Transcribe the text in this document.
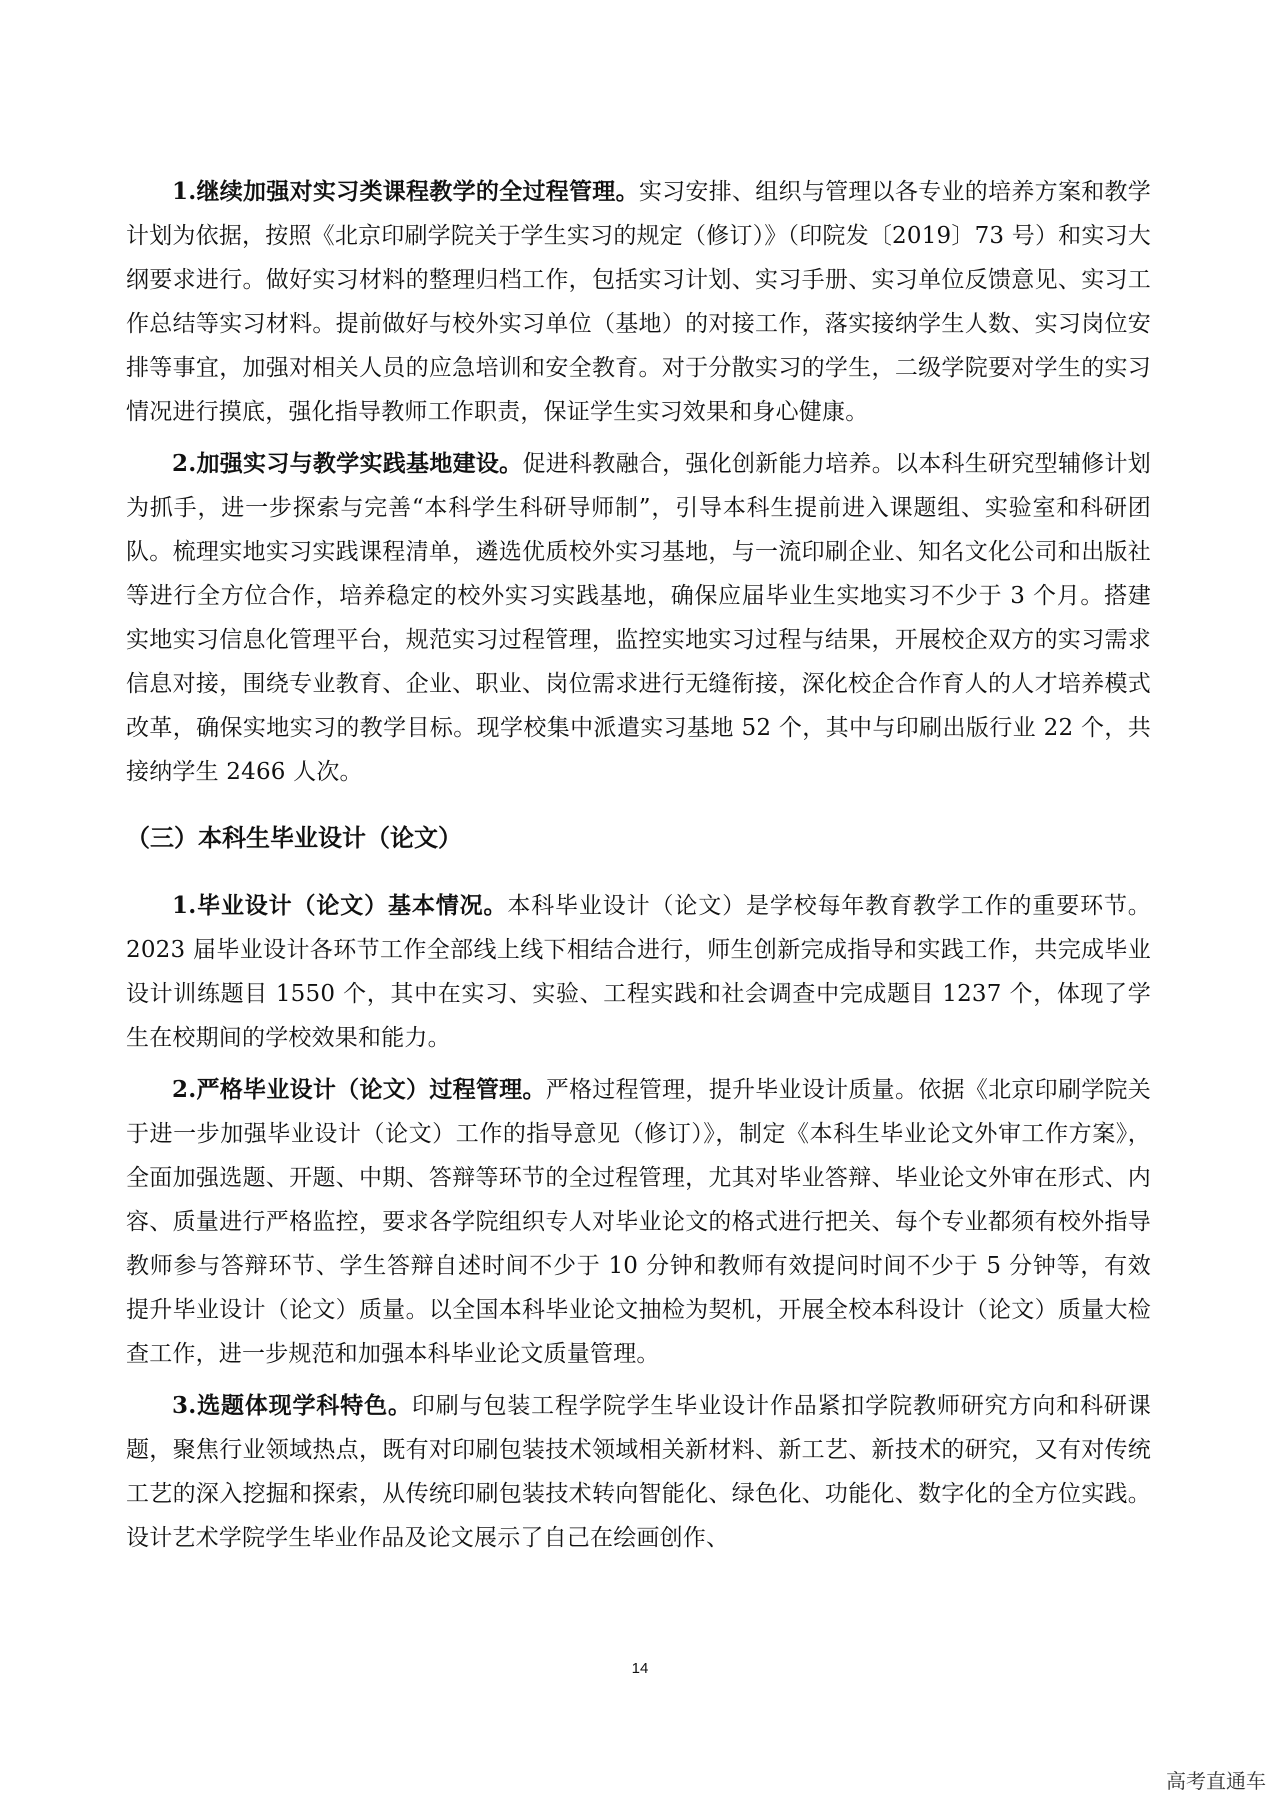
1.继续加强对实习类课程教学的全过程管理。实习安排、组织与管理以各专业的培养方案和教学计划为依据，按照《北京印刷学院关于学生实习的规定（修订）》（印院发〔2019〕73 号）和实习大纲要求进行。做好实习材料的整理归档工作，包括实习计划、实习手册、实习单位反馈意见、实习工作总结等实习材料。提前做好与校外实习单位（基地）的对接工作，落实接纳学生人数、实习岗位安排等事宜，加强对相关人员的应急培训和安全教育。对于分散实习的学生，二级学院要对学生的实习情况进行摸底，强化指导教师工作职责，保证学生实习效果和身心健康。

2.加强实习与教学实践基地建设。促进科教融合，强化创新能力培养。以本科生研究型辅修计划为抓手，进一步探索与完善“本科学生科研导师制”，引导本科生提前进入课题组、实验室和科研团队。梳理实地实习实践课程清单，遴选优质校外实习基地，与一流印刷企业、知名文化公司和出版社等进行全方位合作，培养稳定的校外实习实践基地，确保应届毕业生实地实习不少于 3 个月。搭建实地实习信息化管理平台，规范实习过程管理，监控实地实习过程与结果，开展校企双方的实习需求信息对接，围绕专业教育、企业、职业、岗位需求进行无缝衔接，深化校企合作育人的人才培养模式改革，确保实地实习的教学目标。现学校集中派遣实习基地 52 个，其中与印刷出版行业 22 个，共接纳学生 2466 人次。

（三）本科生毕业设计（论文）

1.毕业设计（论文）基本情况。本科毕业设计（论文）是学校每年教育教学工作的重要环节。2023 届毕业设计各环节工作全部线上线下相结合进行，师生创新完成指导和实践工作，共完成毕业设计训练题目 1550 个，其中在实习、实验、工程实践和社会调查中完成题目 1237 个，体现了学生在校期间的学校效果和能力。

2.严格毕业设计（论文）过程管理。严格过程管理，提升毕业设计质量。依据《北京印刷学院关于进一步加强毕业设计（论文）工作的指导意见（修订）》，制定《本科生毕业论文外审工作方案》，全面加强选题、开题、中期、答辩等环节的全过程管理，尤其对毕业答辩、毕业论文外审在形式、内容、质量进行严格监控，要求各学院组织专人对毕业论文的格式进行把关、每个专业都须有校外指导教师参与答辩环节、学生答辩自述时间不少于 10 分钟和教师有效提问时间不少于 5 分钟等，有效提升毕业设计（论文）质量。以全国本科毕业论文抽检为契机，开展全校本科设计（论文）质量大检查工作，进一步规范和加强本科毕业论文质量管理。

3.选题体现学科特色。印刷与包装工程学院学生毕业设计作品紧扣学院教师研究方向和科研课题，聚焦行业领域热点，既有对印刷包装技术领域相关新材料、新工艺、新技术的研究，又有对传统工艺的深入挖掘和探索，从传统印刷包装技术转向智能化、绿色化、功能化、数字化的全方位实践。设计艺术学院学生毕业作品及论文展示了自己在绘画创作、

14
高考直通车
